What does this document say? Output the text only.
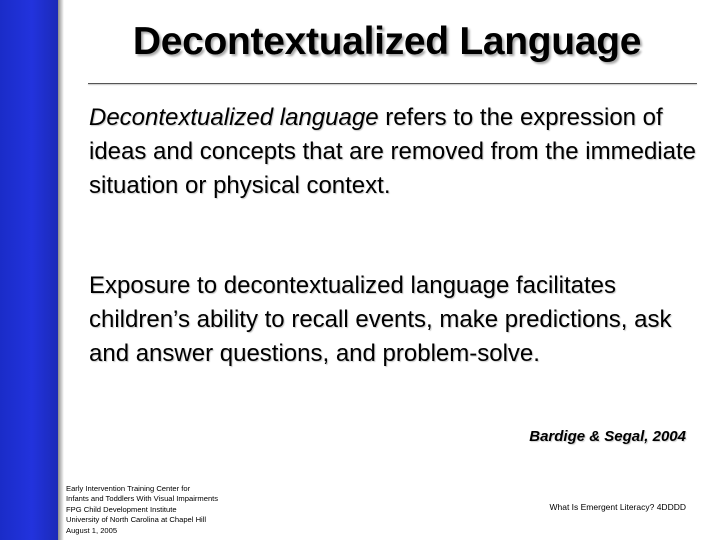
Decontextualized Language
Decontextualized language refers to the expression of ideas and concepts that are removed from the immediate situation or physical context.
Exposure to decontextualized language facilitates children’s ability to recall events, make predictions, ask and answer questions, and problem-solve.
Bardige & Segal, 2004
Early Intervention Training Center for
Infants and Toddlers With Visual Impairments
FPG Child Development Institute
University of North Carolina at Chapel Hill
August 1, 2005
What Is Emergent Literacy? 4DDDD
